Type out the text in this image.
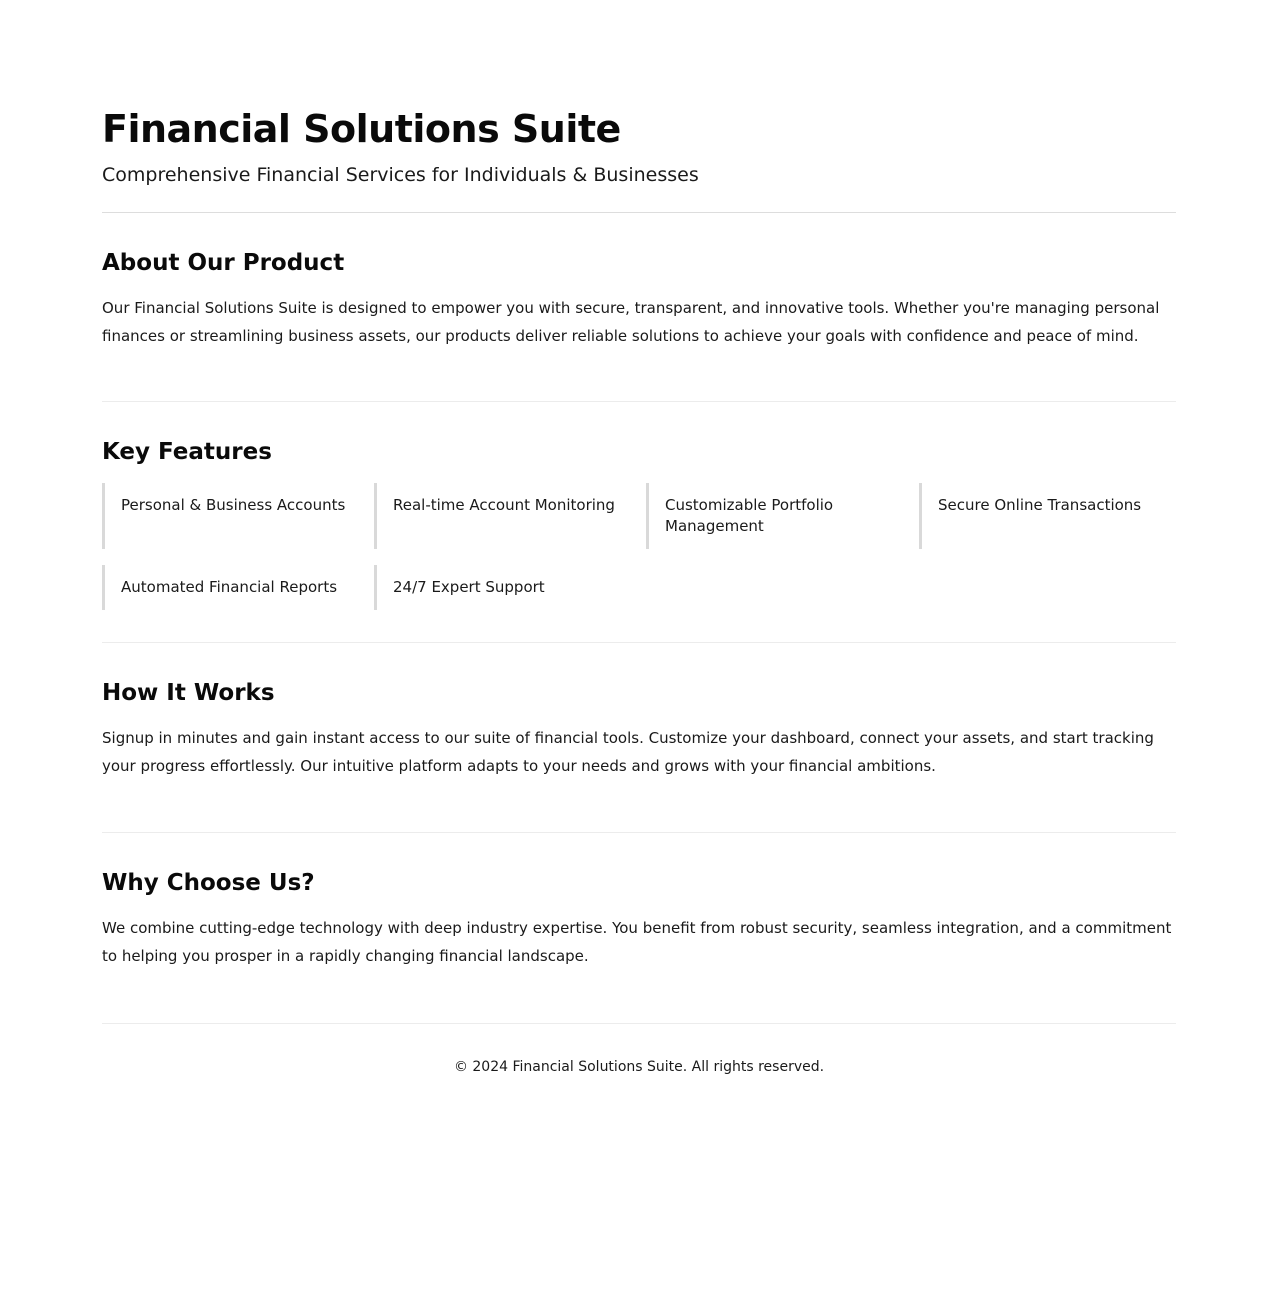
Financial Solutions Suite
Comprehensive Financial Services for Individuals & Businesses
About Our Product

Our Financial Solutions Suite is designed to empower you with secure, transparent, and innovative tools. Whether you're managing personal finances or streamlining business assets, our products deliver reliable solutions to achieve your goals with confidence and peace of mind.

Key Features
Personal & Business Accounts	Real-time Account Monitoring	Customizable Portfolio Management
Secure Online Transactions
Automated Financial Reports	24/7 Expert Support
How It Works

Signup in minutes and gain instant access to our suite of financial tools. Customize your dashboard, connect your assets, and start tracking your progress effortlessly. Our intuitive platform adapts to your needs and grows with your financial ambitions.

Why Choose Us?

We combine cutting-edge technology with deep industry expertise. You benefit from robust security, seamless integration, and a commitment to helping you prosper in a rapidly changing financial landscape.

© 2024 Financial Solutions Suite. All rights reserved.
